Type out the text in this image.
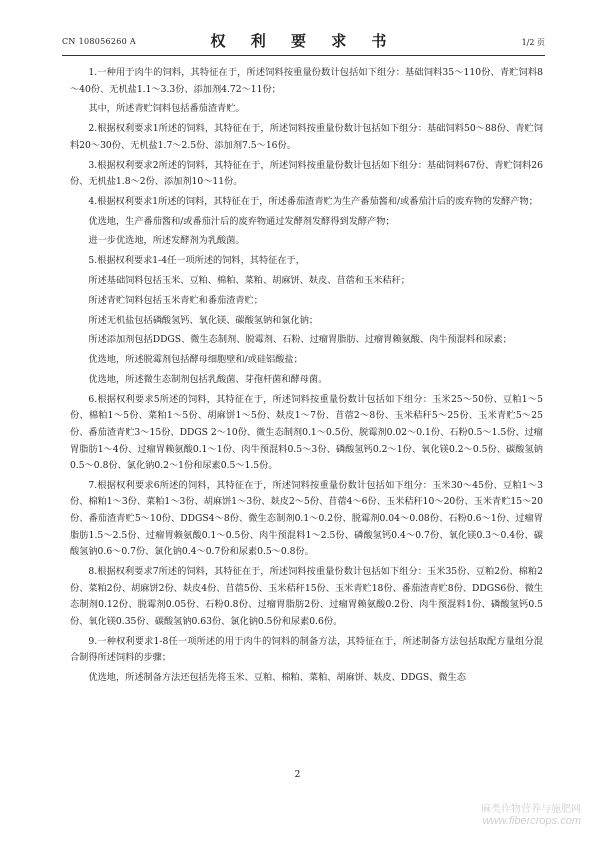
CN 108056260 A	权 利 要 求 书	1/2 页

1.一种用于肉牛的饲料，其特征在于，所述饲料按重量份数计包括如下组分：基础饲料35～110份、青贮饲料8～40份、无机盐1.1～3.3份、添加剂4.72～11份；

其中，所述青贮饲料包括番茄渣青贮。

2.根据权利要求1所述的饲料，其特征在于，所述饲料按重量份数计包括如下组分：基础饲料50～88份、青贮饲料20～30份、无机盐1.7～2.5份、添加剂7.5～16份。

3.根据权利要求2所述的饲料，其特征在于，所述饲料按重量份数计包括如下组分：基础饲料67份、青贮饲料26份、无机盐1.8～2份、添加剂10～11份。

4.根据权利要求1所述的饲料，其特征在于，所述番茄渣青贮为生产番茄酱和/或番茄汁后的废弃物的发酵产物；

优选地，生产番茄酱和/或番茄汁后的废弃物通过发酵剂发酵得到发酵产物；

进一步优选地，所述发酵剂为乳酸菌。

5.根据权利要求1-4任一项所述的饲料，其特征在于，

所述基础饲料包括玉米、豆粕、棉粕、菜粕、胡麻饼、麸皮、苜蓿和玉米秸秆；

所述青贮饲料包括玉米青贮和番茄渣青贮；

所述无机盐包括磷酸氢钙、氧化镁、碳酸氢钠和氯化钠；

所述添加剂包括DDGS、微生态制剂、脱霉剂、石粉、过瘤胃脂肪、过瘤胃赖氨酸、肉牛预混料和尿素；

优选地，所述脱霉剂包括酵母细胞壁和/或硅铝酸盐；

优选地，所述微生态制剂包括乳酸菌、芽孢杆菌和酵母菌。

6.根据权利要求5所述的饲料，其特征在于，所述饲料按重量份数计包括如下组分：玉米25～50份、豆粕1～5份、棉粕1～5份、菜粕1～5份、胡麻饼1～5份、麸皮1～7份、苜蓿2～8份、玉米秸秆5～25份、玉米青贮5～25份、番茄渣青贮3～15份、DDGS 2～10份、微生态制剂0.1～0.5份、脱霉剂0.02～0.1份、石粉0.5～1.5份、过瘤胃脂肪1～4份、过瘤胃赖氨酸0.1～1份、肉牛预混料0.5～3份、磷酸氢钙0.2～1份、氧化镁0.2～0.5份、碳酸氢钠0.5～0.8份、氯化钠0.2～1份和尿素0.5～1.5份。

7.根据权利要求6所述的饲料，其特征在于，所述饲料按重量份数计包括如下组分：玉米30～45份、豆粕1～3份、棉粕1～3份、菜粕1～3份、胡麻饼1～3份、麸皮2～5份、苜蓿4～6份、玉米秸秆10～20份、玉米青贮15～20份、番茄渣青贮5～10份、DDGS4～8份、微生态制剂0.1～0.2份、脱霉剂0.04～0.08份、石粉0.6～1份、过瘤胃脂肪1.5～2.5份、过瘤胃赖氨酸0.1～0.5份、肉牛预混料1～2.5份、磷酸氢钙0.4～0.7份、氧化镁0.3～0.4份、碳酸氢钠0.6～0.7份、氯化钠0.4～0.7份和尿素0.5～0.8份。

8.根据权利要求7所述的饲料，其特征在于，所述饲料按重量份数计包括如下组分：玉米35份、豆粕2份、棉粕2份、菜粕2份、胡麻饼2份、麸皮4份、苜蓿5份、玉米秸秆15份、玉米青贮18份、番茄渣青贮8份、DDGS6份、微生态制剂0.12份、脱霉剂0.05份、石粉0.8份、过瘤胃脂肪2份、过瘤胃赖氨酸0.2份、肉牛预混料1份、磷酸氢钙0.5份、氧化镁0.35份、碳酸氢钠0.63份、氯化钠0.5份和尿素0.6份。

9.一种权利要求1-8任一项所述的用于肉牛的饲料的制备方法，其特征在于，所述制备方法包括取配方量组分混合制得所述饲料的步骤；

优选地，所述制备方法还包括先将玉米、豆粕、棉粕、菜粕、胡麻饼、麸皮、DDGS、微生态

2
麻类作物营养与施肥网
www.fibercrops.com
